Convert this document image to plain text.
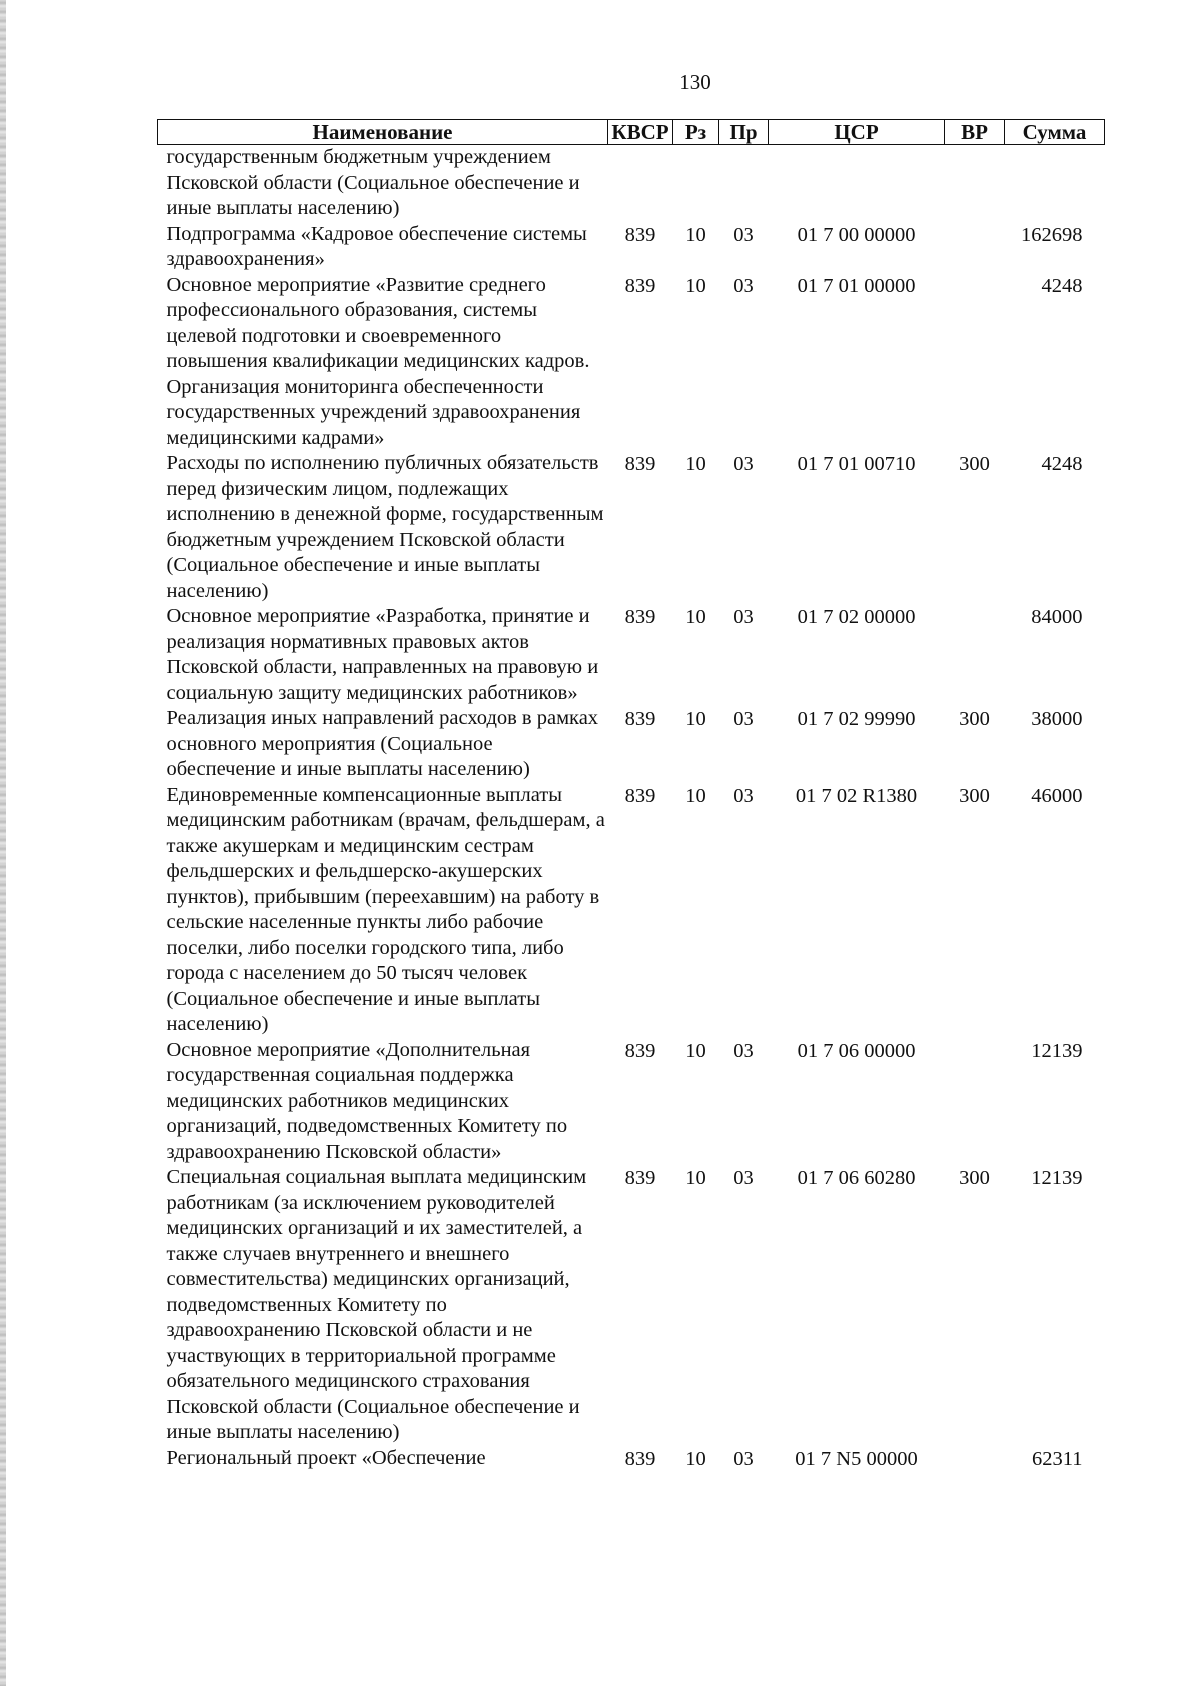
130
Наименование	КВСР	Рз	Пр	ЦСР	ВР	Сумма
государственным бюджетным учреждением Псковской области (Социальное обеспечение и иные выплаты населению)						
Подпрограмма «Кадровое обеспечение системы здравоохранения»	839	10	03	01 7 00 00000		162698
Основное мероприятие «Развитие среднего профессионального образования, системы целевой подготовки и своевременного повышения квалификации медицинских кадров. Организация мониторинга обеспеченности государственных учреждений здравоохранения медицинскими кадрами»	839	10	03	01 7 01 00000		4248
Расходы по исполнению публичных обязательств перед физическим лицом, подлежащих исполнению в денежной форме, государственным бюджетным учреждением Псковской области (Социальное обеспечение и иные выплаты населению)	839	10	03	01 7 01 00710	300	4248
Основное мероприятие «Разработка, принятие и реализация нормативных правовых актов Псковской области, направленных на правовую и социальную защиту медицинских работников»	839	10	03	01 7 02 00000		84000
Реализация иных направлений расходов в рамках основного мероприятия (Социальное обеспечение и иные выплаты населению)	839	10	03	01 7 02 99990	300	38000
Единовременные компенсационные выплаты медицинским работникам (врачам, фельдшерам, а также акушеркам и медицинским сестрам фельдшерских и фельдшерско-акушерских пунктов), прибывшим (переехавшим) на работу в сельские населенные пункты либо рабочие поселки, либо поселки городского типа, либо города с населением до 50 тысяч человек (Социальное обеспечение и иные выплаты населению)	839	10	03	01 7 02 R1380	300	46000
Основное мероприятие «Дополнительная государственная социальная поддержка медицинских работников медицинских организаций, подведомственных Комитету по здравоохранению Псковской области»	839	10	03	01 7 06 00000		12139
Специальная социальная выплата медицинским работникам (за исключением руководителей медицинских организаций и их заместителей, а также случаев внутреннего и внешнего совместительства) медицинских организаций, подведомственных Комитету по здравоохранению Псковской области и не участвующих в территориальной программе обязательного медицинского страхования Псковской области (Социальное обеспечение и иные выплаты населению)	839	10	03	01 7 06 60280	300	12139
Региональный проект «Обеспечение	839	10	03	01 7 N5 00000		62311
